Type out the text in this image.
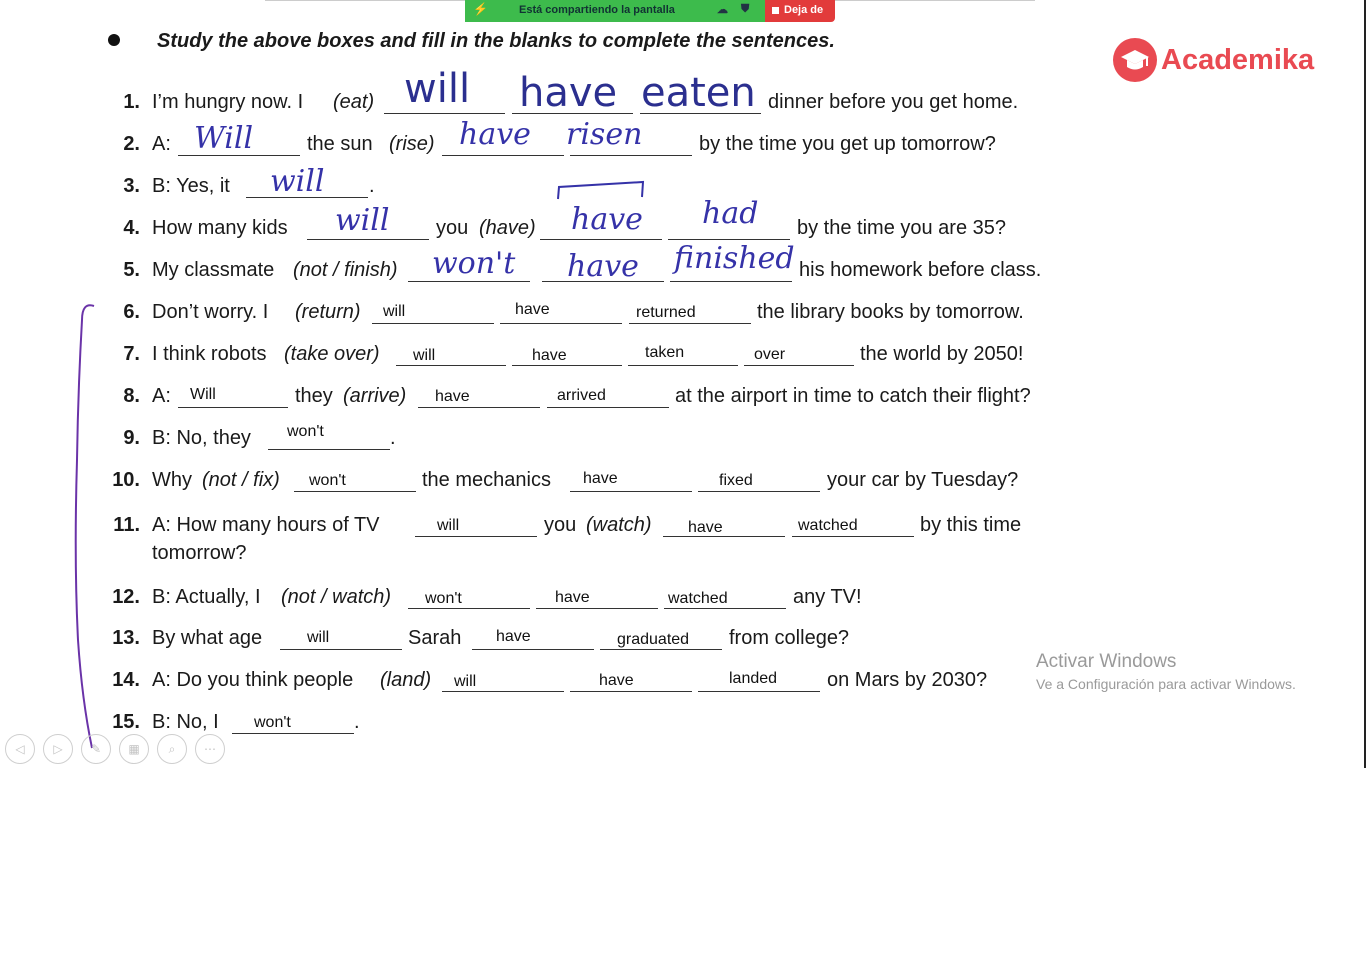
⚡	Está compartiendo la pantalla	☁ ⛊	Deja de
Academika
Study the above boxes and fill in the blanks to complete the sentences.
1. I’m hungry now. I (eat)	dinner before you get home.
will have eaten
2. A:	the sun (rise)	by the time you get up tomorrow?
Will	have risen
3. B: Yes, it	.
will
4. How many kids	you (have)	by the time you are 35?
will	have had
5. My classmate (not / finish)	his homework before class.
won't have finished
6. Don’t worry. I (return)	the library books by tomorrow.
will	have	returned
7. I think robots (take over)	the world by 2050!
will	have	taken	over
8. A:	they (arrive)	at the airport in time to catch their flight?
Will	have	arrived
9. B: No, they	.
won't
10. Why (not / fix)	the mechanics	your car by Tuesday?
won't	have	fixed
11. A: How many hours of TV	you (watch)	by this time
tomorrow?
will	have	watched
12. B: Actually, I (not / watch)	any TV!
won't	have	watched
13. By what age	Sarah	from college?
will	have	graduated
14. A: Do you think people (land)	on Mars by 2030?
will	have	landed
15. B: No, I	.
won't
Activar Windows
Ve a Configuración para activar Windows.
◁	▷	✎	▦	⌕	⋯
